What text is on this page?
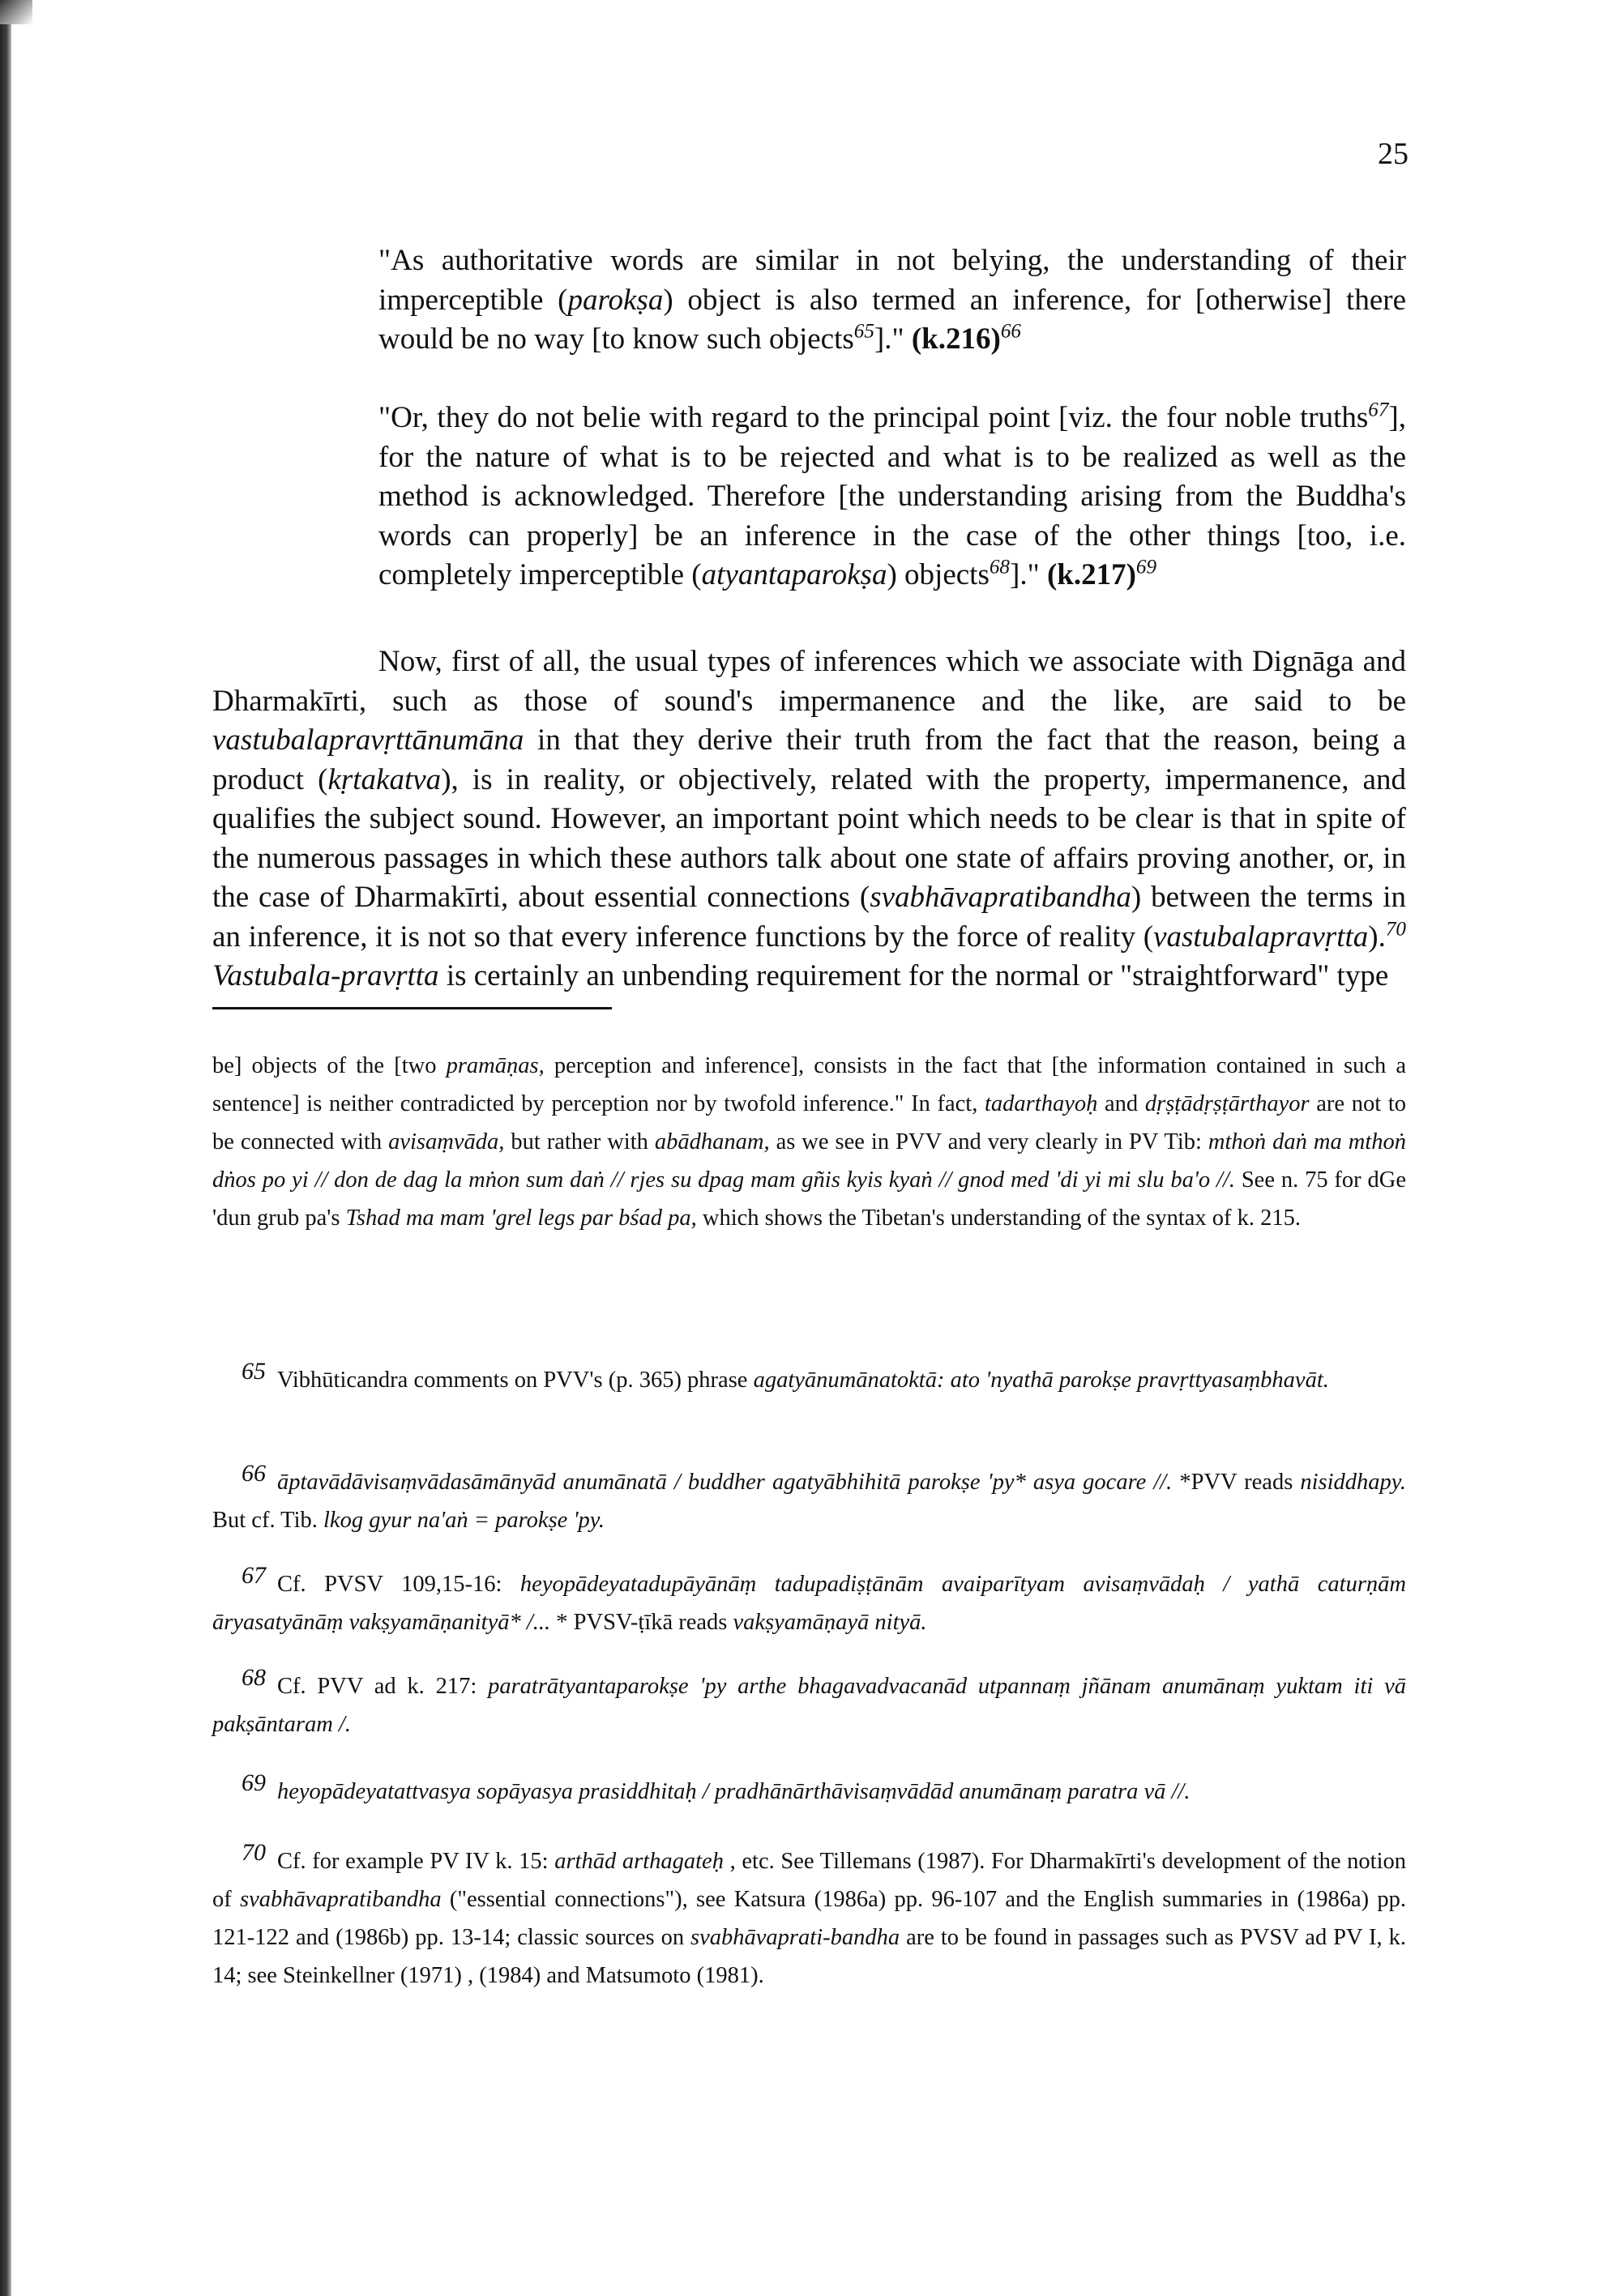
25
"As authoritative words are similar in not belying, the understanding of their imperceptible (parokṣa) object is also termed an inference, for [otherwise] there would be no way [to know such objects$^{65}$]." $(k.216)^{66}$
"Or, they do not belie with regard to the principal point [viz. the four noble truths$^{67}$], for the nature of what is to be rejected and what is to be realized as well as the method is acknowledged. Therefore [the understanding arising from the Buddha's words can properly] be an inference in the case of the other things [too, i.e. completely imperceptible (atyantaparokṣa) objects$^{68}$]." $(k.217)^{69}$
Now, first of all, the usual types of inferences which we associate with Dignāga and Dharmakīrti, such as those of sound's impermanence and the like, are said to be vastubalapravṛttānumāna in that they derive their truth from the fact that the reason, being a product (kṛtakatva), is in reality, or objectively, related with the property, impermanence, and qualifies the subject sound. However, an important point which needs to be clear is that in spite of the numerous passages in which these authors talk about one state of affairs proving another, or, in the case of Dharmakīrti, about essential connections (svabhāvapratibandha) between the terms in an inference, it is not so that every inference functions by the force of reality (vastubalapravṛtta).$^{70}$ Vastubala-pravṛtta is certainly an unbending requirement for the normal or "straightforward" type
be] objects of the [two pramāṇas, perception and inference], consists in the fact that [the information contained in such a sentence] is neither contradicted by perception nor by twofold inference." In fact, tadarthayoḥ and dṛṣṭādṛṣṭārthayor are not to be connected with avisaṃvāda, but rather with abādhanam, as we see in PVV and very clearly in PV Tib: mthoṅ daṅ ma mthoṅ dṅos po yi // don de dag la mṅon sum daṅ // rjes su dpag mam gñis kyis kyaṅ // gnod med 'di yi mi slu ba'o //. See n. 75 for dGe 'dun grub pa's Tshad ma mam 'grel legs par bśad pa, which shows the Tibetan's understanding of the syntax of k. 215.
65 Vibhūticandra comments on PVV's (p. 365) phrase agatyānumānatoktā: ato 'nyathā parokṣe pravṛttyasaṃbhavāt.
66 āptavādāvisaṃvādasāmānyād anumānatā / buddher agatyābhihitā parokṣe 'py* asya gocare //. *PVV reads nisiddhapy. But cf. Tib. lkog gyur na'aṅ = parokṣe 'py.
67 Cf. PVSV 109,15-16: heyopādeyatadupāyānāṃ tadupadiṣṭānām avaiparītyam avisaṃvādaḥ / yathā caturṇām āryasatyānāṃ vakṣyamāṇanityā* /... * PVSV-ṭīkā reads vakṣyamāṇayā nityā.
68 Cf. PVV ad k. 217: paratrātyantaparokṣe 'py arthe bhagavadvacanād utpannaṃ jñānam anumānaṃ yuktam iti vā pakṣāntaram /.
69 heyopādeyatattvasya sopāyasya prasiddhitaḥ / pradhānārthāvisaṃvādād anumānaṃ paratra vā //.
70 Cf. for example PV IV k. 15: arthād arthagateḥ , etc. See Tillemans (1987). For Dharmakīrti's development of the notion of svabhāvapratibandha ("essential connections"), see Katsura (1986a) pp. 96-107 and the English summaries in (1986a) pp. 121-122 and (1986b) pp. 13-14; classic sources on svabhāvaprati-bandha are to be found in passages such as PVSV ad PV I, k. 14; see Steinkellner (1971) , (1984) and Matsumoto (1981).
